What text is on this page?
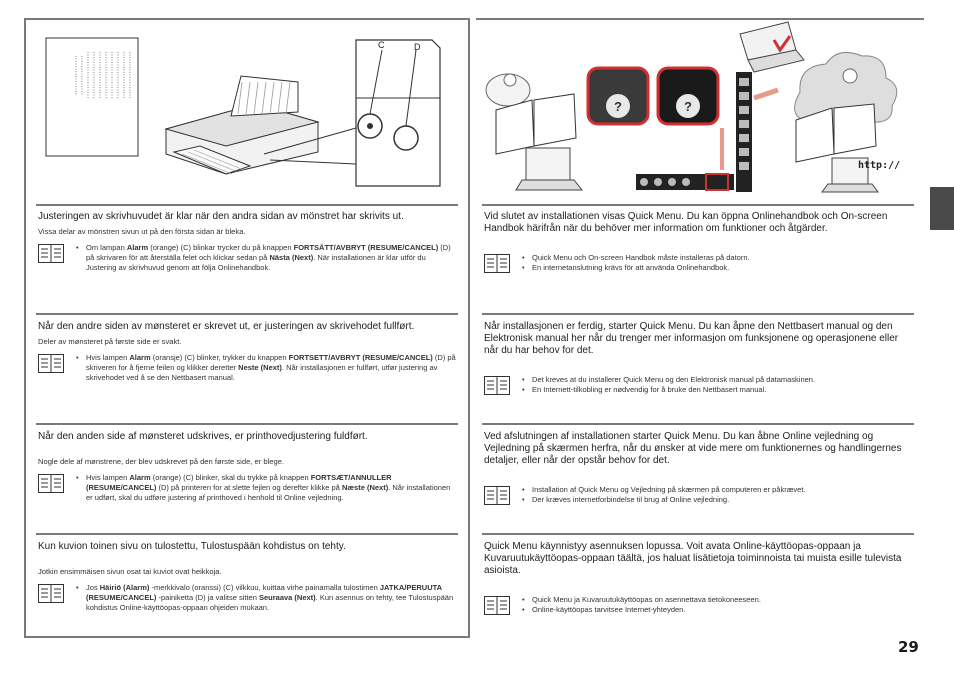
29
C	D
?	?
http://

Justeringen av skrivhuvudet är klar när den andra sidan av mönstret har skrivits ut.

Vissa delar av mönstren sivun ut på den första sidan är bleka.

• Om lampan Alarm (orange) (C) blinkar trycker du på knappen FORTSÄTT/AVBRYT (RESUME/CANCEL) (D) på skrivaren för att återställa felet och klickar sedan på Nästa (Next). När installationen är klar utför du Justering av skrivhuvud genom att följa Onlinehandbok.

Når den andre siden av mønsteret er skrevet ut, er justeringen av skrivehodet fullført.

Deler av mønsteret på første side er svakt.

• Hvis lampen Alarm (oransje) (C) blinker, trykker du knappen FORTSETT/AVBRYT (RESUME/CANCEL) (D) på skriveren for å fjerne feilen og klikker deretter Neste (Next). Når installasjonen er fullført, utfør justering av skrivehodet ved å se den Nettbasert manual.

Når den anden side af mønsteret udskrives, er printhovedjustering fuldført.

Nogle dele af mønstrene, der blev udskrevet på den første side, er blege.

• Hvis lampen Alarm (orange) (C) blinker, skal du trykke på knappen FORTSÆT/ANNULLER (RESUME/CANCEL) (D) på printeren for at slette fejlen og derefter klikke på Næste (Next). Når installationen er udført, skal du udføre justering af printhoved i henhold til Online vejledning.

Kun kuvion toinen sivu on tulostettu, Tulostuspään kohdistus on tehty.

Jotkin ensimmäisen sivun osat tai kuviot ovat heikkoja.

• Jos Häiriö (Alarm) -merkkivalo (oranssi) (C) vilkkuu, kuittaa virhe painamalla tulostimen JATKA/PERUUTA (RESUME/CANCEL) -painiketta (D) ja valitse sitten Seuraava (Next). Kun asennus on tehty, tee Tulostuspään kohdistus Online-käyttöopas-oppaan ohjeiden mukaan.

Vid slutet av installationen visas Quick Menu. Du kan öppna Onlinehandbok och On-screen Handbok härifrån när du behöver mer information om funktioner och åtgärder.

• Quick Menu och On-screen Handbok måste installeras på datorn.
• En internetanslutning krävs för att använda Onlinehandbok.

Når installasjonen er ferdig, starter Quick Menu. Du kan åpne den Nettbasert manual og den Elektronisk manual her når du trenger mer informasjon om funksjonene og operasjonene eller når du har behov for det.

• Det kreves at du installerer Quick Menu og den Elektronisk manual på datamaskinen.
• En Internett-tilkobling er nødvendig for å bruke den Nettbasert manual.

Ved afslutningen af installationen starter Quick Menu. Du kan åbne Online vejledning og Vejledning på skærmen herfra, når du ønsker at vide mere om funktionernes og handlingernes detaljer, eller når der opstår behov for det.

• Installation af Quick Menu og Vejledning på skærmen på computeren er påkrævet.
• Der kræves internetforbindelse til brug af Online vejledning.

Quick Menu käynnistyy asennuksen lopussa. Voit avata Online-käyttöopas-oppaan ja Kuvaruutukäyttöopas-oppaan täältä, jos haluat lisätietoja toiminnoista tai muista esille tulevista asioista.

• Quick Menu ja Kuvaruutukäyttöopas on asennettava tietokoneeseen.
• Online-käyttöopas tarvitsee Internet-yhteyden.
